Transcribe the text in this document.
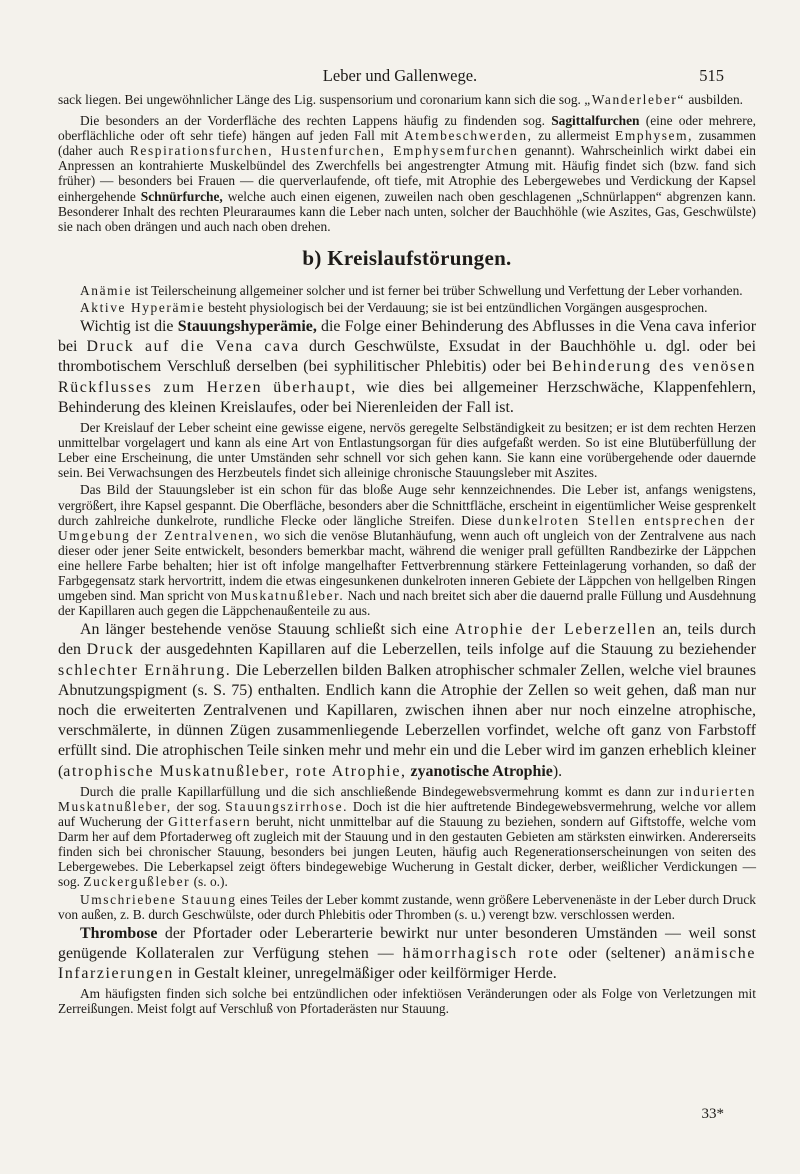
Leber und Gallenwege.	515

sack liegen. Bei ungewöhnlicher Länge des Lig. suspensorium und coronarium kann sich die sog. „Wanderleber“ ausbilden.

Die besonders an der Vorderfläche des rechten Lappens häufig zu findenden sog. Sagittalfurchen (eine oder mehrere, oberflächliche oder oft sehr tiefe) hängen auf jeden Fall mit Atembeschwerden, zu allermeist Emphysem, zusammen (daher auch Respirationsfurchen, Hustenfurchen, Emphysemfurchen genannt). Wahrscheinlich wirkt dabei ein Anpressen an kontrahierte Muskelbündel des Zwerchfells bei angestrengter Atmung mit. Häufig findet sich (bzw. fand sich früher) — besonders bei Frauen — die querverlaufende, oft tiefe, mit Atrophie des Lebergewebes und Verdickung der Kapsel einhergehende Schnürfurche, welche auch einen eigenen, zuweilen nach oben geschlagenen „Schnürlappen“ abgrenzen kann. Besonderer Inhalt des rechten Pleuraraumes kann die Leber nach unten, solcher der Bauchhöhle (wie Aszites, Gas, Geschwülste) sie nach oben drängen und auch nach oben drehen.

b) Kreislaufstörungen.

Anämie ist Teilerscheinung allgemeiner solcher und ist ferner bei trüber Schwellung und Verfettung der Leber vorhanden.

Aktive Hyperämie besteht physiologisch bei der Verdauung; sie ist bei entzündlichen Vorgängen ausgesprochen.

Wichtig ist die Stauungshyperämie, die Folge einer Behinderung des Abflusses in die Vena cava inferior bei Druck auf die Vena cava durch Geschwülste, Exsudat in der Bauchhöhle u. dgl. oder bei thrombotischem Verschluß derselben (bei syphilitischer Phlebitis) oder bei Behinderung des venösen Rückflusses zum Herzen überhaupt, wie dies bei allgemeiner Herzschwäche, Klappenfehlern, Behinderung des kleinen Kreislaufes, oder bei Nierenleiden der Fall ist.

Der Kreislauf der Leber scheint eine gewisse eigene, nervös geregelte Selbständigkeit zu besitzen; er ist dem rechten Herzen unmittelbar vorgelagert und kann als eine Art von Entlastungsorgan für dies aufgefaßt werden. So ist eine Blutüberfüllung der Leber eine Erscheinung, die unter Umständen sehr schnell vor sich gehen kann. Sie kann eine vorübergehende oder dauernde sein. Bei Verwachsungen des Herzbeutels findet sich alleinige chronische Stauungsleber mit Aszites.

Das Bild der Stauungsleber ist ein schon für das bloße Auge sehr kennzeichnendes. Die Leber ist, anfangs wenigstens, vergrößert, ihre Kapsel gespannt. Die Oberfläche, besonders aber die Schnittfläche, erscheint in eigentümlicher Weise gesprenkelt durch zahlreiche dunkelrote, rundliche Flecke oder längliche Streifen. Diese dunkelroten Stellen entsprechen der Umgebung der Zentralvenen, wo sich die venöse Blutanhäufung, wenn auch oft ungleich von der Zentralvene aus nach dieser oder jener Seite entwickelt, besonders bemerkbar macht, während die weniger prall gefüllten Randbezirke der Läppchen eine hellere Farbe behalten; hier ist oft infolge mangelhafter Fettverbrennung stärkere Fetteinlagerung vorhanden, so daß der Farbgegensatz stark hervortritt, indem die etwas eingesunkenen dunkelroten inneren Gebiete der Läppchen von hellgelben Ringen umgeben sind. Man spricht von Muskatnußleber. Nach und nach breitet sich aber die dauernd pralle Füllung und Ausdehnung der Kapillaren auch gegen die Läppchenaußenteile zu aus.

An länger bestehende venöse Stauung schließt sich eine Atrophie der Leberzellen an, teils durch den Druck der ausgedehnten Kapillaren auf die Leberzellen, teils infolge auf die Stauung zu beziehender schlechter Ernährung. Die Leberzellen bilden Balken atrophischer schmaler Zellen, welche viel braunes Abnutzungspigment (s. S. 75) enthalten. Endlich kann die Atrophie der Zellen so weit gehen, daß man nur noch die erweiterten Zentralvenen und Kapillaren, zwischen ihnen aber nur noch einzelne atrophische, verschmälerte, in dünnen Zügen zusammenliegende Leberzellen vorfindet, welche oft ganz von Farbstoff erfüllt sind. Die atrophischen Teile sinken mehr und mehr ein und die Leber wird im ganzen erheblich kleiner (atrophische Muskatnußleber, rote Atrophie, zyanotische Atrophie).

Durch die pralle Kapillarfüllung und die sich anschließende Bindegewebsvermehrung kommt es dann zur indurierten Muskatnußleber, der sog. Stauungszirrhose. Doch ist die hier auftretende Bindegewebsvermehrung, welche vor allem auf Wucherung der Gitterfasern beruht, nicht unmittelbar auf die Stauung zu beziehen, sondern auf Giftstoffe, welche vom Darm her auf dem Pfortaderweg oft zugleich mit der Stauung und in den gestauten Gebieten am stärksten einwirken. Andererseits finden sich bei chronischer Stauung, besonders bei jungen Leuten, häufig auch Regenerationserscheinungen von seiten des Lebergewebes. Die Leberkapsel zeigt öfters bindegewebige Wucherung in Gestalt dicker, derber, weißlicher Verdickungen — sog. Zuckergußleber (s. o.).

Umschriebene Stauung eines Teiles der Leber kommt zustande, wenn größere Lebervenenäste in der Leber durch Druck von außen, z. B. durch Geschwülste, oder durch Phlebitis oder Thromben (s. u.) verengt bzw. verschlossen werden.

Thrombose der Pfortader oder Leberarterie bewirkt nur unter besonderen Umständen — weil sonst genügende Kollateralen zur Verfügung stehen — hämorrhagisch rote oder (seltener) anämische Infarzierungen in Gestalt kleiner, unregelmäßiger oder keilförmiger Herde.

Am häufigsten finden sich solche bei entzündlichen oder infektiösen Veränderungen oder als Folge von Verletzungen mit Zerreißungen. Meist folgt auf Verschluß von Pfortaderästen nur Stauung.

33*
